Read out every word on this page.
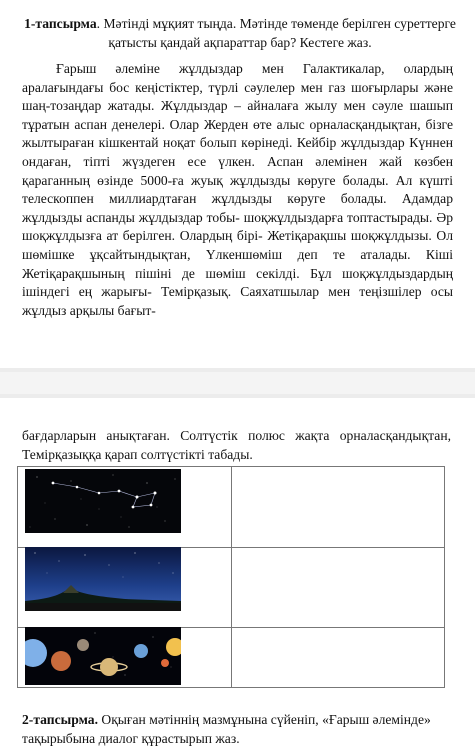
1-тапсырма. Мәтінді мұқият тыңда. Мәтінде төменде берілген суреттерге қатысты қандай ақпараттар бар? Кестеге жаз.
Ғарыш әлеміне жұлдыздар мен Галактикалар, олардың аралағындағы бос кеңістіктер, түрлі сәулелер мен газ шоғырлары және шаң-тозаңдар жатады. Жұлдыздар – айналаға жылу мен сәуле шашып тұратын аспан денелері. Олар Жерден өте алыс орналасқандықтан, бізге жылтыраған кішкентай ноқат болып көрінеді. Кейбір жұлдыздар Күннен ондаған, тіпті жүздеген есе үлкен. Аспан әлемінен жай көзбен қараганның өзінде 5000-ға жуық жұлдызды көруге болады. Ал күшті телескоппен миллиардтаған жұлдызды көруге болады. Адамдар жұлдызды аспанды жұлдыздар тобы- шоқжұлдыздарға топтастырады. Әр шоқжұлдызға ат берілген. Олардың бірі- Жетіқарақшы шоқжұлдызы. Ол шөмішке ұқсайтындықтан, Үлкеншөміш деп те аталады. Кіші Жетіқарақшының пішіні де шөміш секілді. Бұл шоқжұлдыздардың ішіндегі ең жарығы- Темірқазық. Саяхатшылар мен теңізшілер осы жұлдыз арқылы бағыт-
бағдарларын анықтаған. Солтүстік полюс жақта орналасқандықтан, Темірқазыққа қарап солтүстікті табады.
2-тапсырма. Оқыған мәтіннің мазмұнына сүйеніп, «Ғарыш әлемінде» тақырыбына диалог құрастырып жаз.
